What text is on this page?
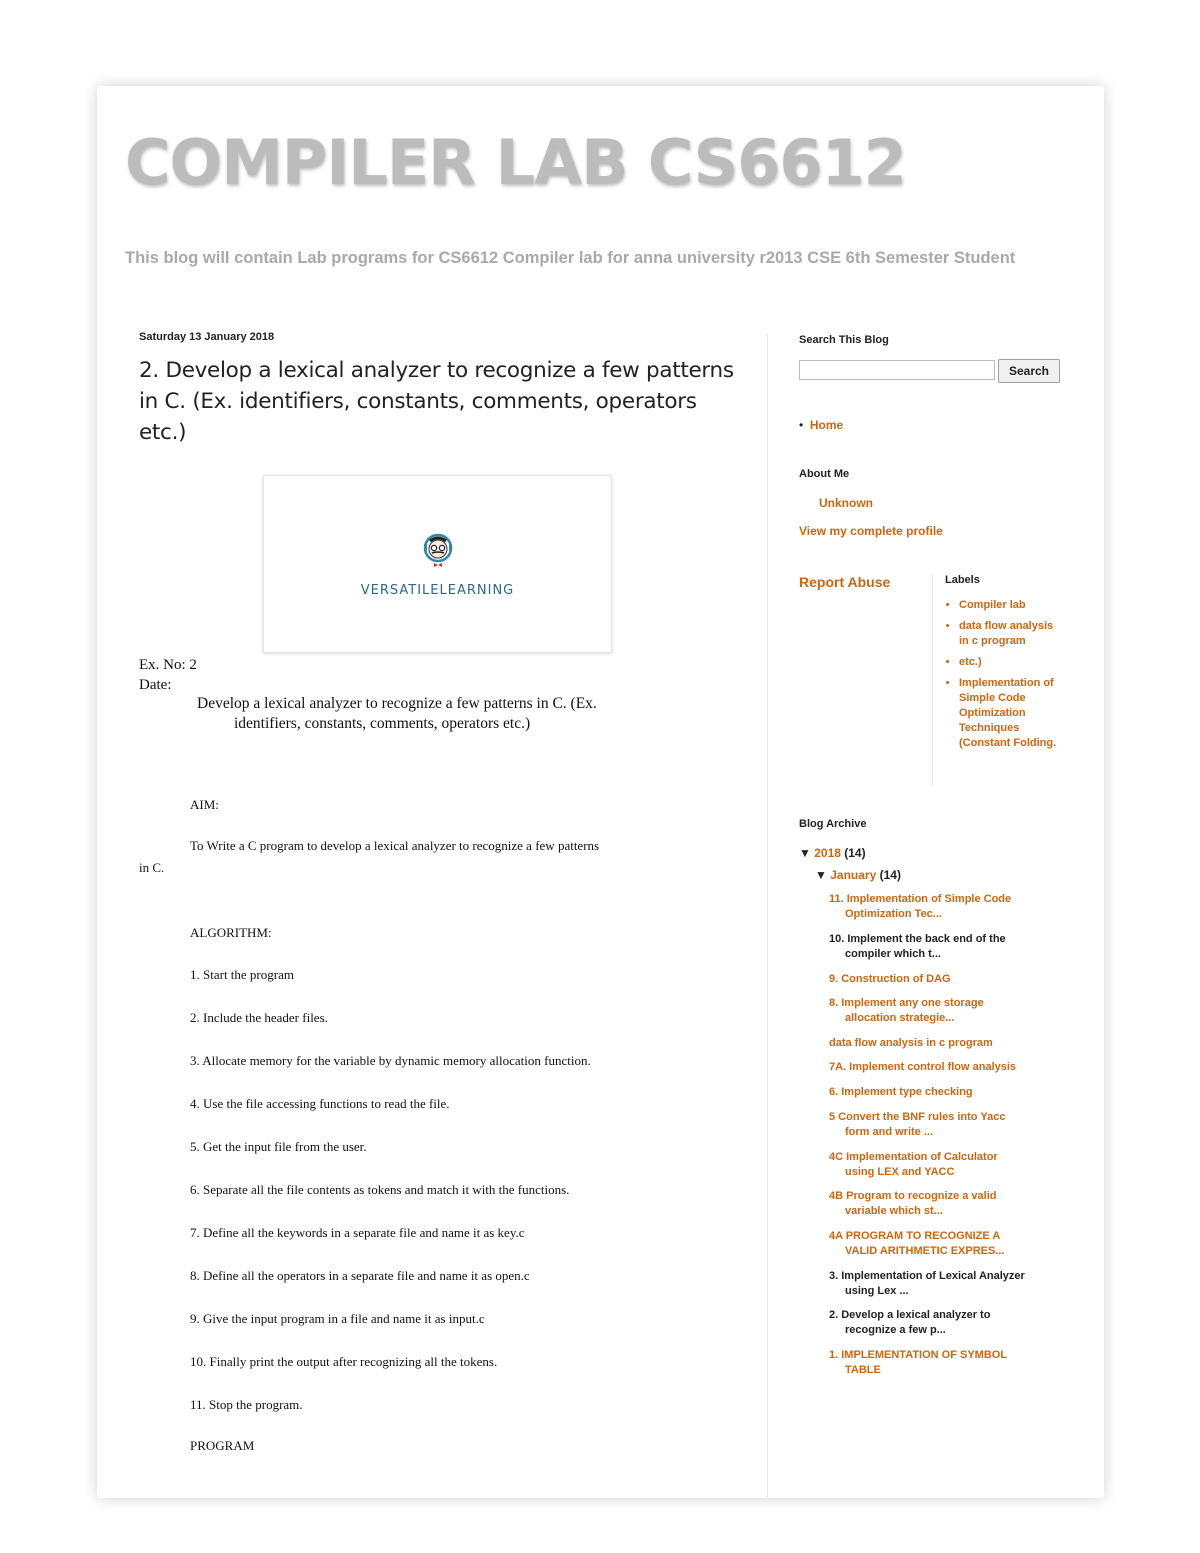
COMPILER LAB CS6612

This blog will contain Lab programs for CS6612 Compiler lab for anna university r2013 CSE 6th Semester Student

Saturday 13 January 2018

2. Develop a lexical analyzer to recognize a few patterns in C. (Ex. identifiers, constants, comments, operators etc.)
VERSATILELEARNING
Ex. No: 2
Date:
Develop a lexical analyzer to recognize a few patterns in C. (Ex.
identifiers, constants, comments, operators etc.)
AIM:
To Write a C program to develop a lexical analyzer to recognize a few patterns
in C.
ALGORITHM:
1. Start the program
2. Include the header files.
3. Allocate memory for the variable by dynamic memory allocation function.
4. Use the file accessing functions to read the file.
5. Get the input file from the user.
6. Separate all the file contents as tokens and match it with the functions.
7. Define all the keywords in a separate file and name it as key.c
8. Define all the operators in a separate file and name it as open.c
9. Give the input program in a file and name it as input.c
10. Finally print the output after recognizing all the tokens.
11. Stop the program.
PROGRAM

Search This Blog

Search
•  Home

About Me

Unknown
View my complete profile
Report Abuse	Labels

• Compiler lab
• data flow analysis in c program
• etc.)
• Implementation of Simple Code Optimization Techniques (Constant Folding.

Blog Archive

▼ 2018 (14)
▼ January (14)
11. Implementation of Simple Code
Optimization Tec...
10. Implement the back end of the
compiler which t...
9. Construction of DAG
8. Implement any one storage
allocation strategie...
data flow analysis in c program
7A. Implement control flow analysis
6. Implement type checking
5 Convert the BNF rules into Yacc
form and write ...
4C Implementation of Calculator
using LEX and YACC
4B Program to recognize a valid
variable which st...
4A PROGRAM TO RECOGNIZE A
VALID ARITHMETIC EXPRES...
3. Implementation of Lexical Analyzer
using Lex ...
2. Develop a lexical analyzer to
recognize a few p...
1. IMPLEMENTATION OF SYMBOL
TABLE
